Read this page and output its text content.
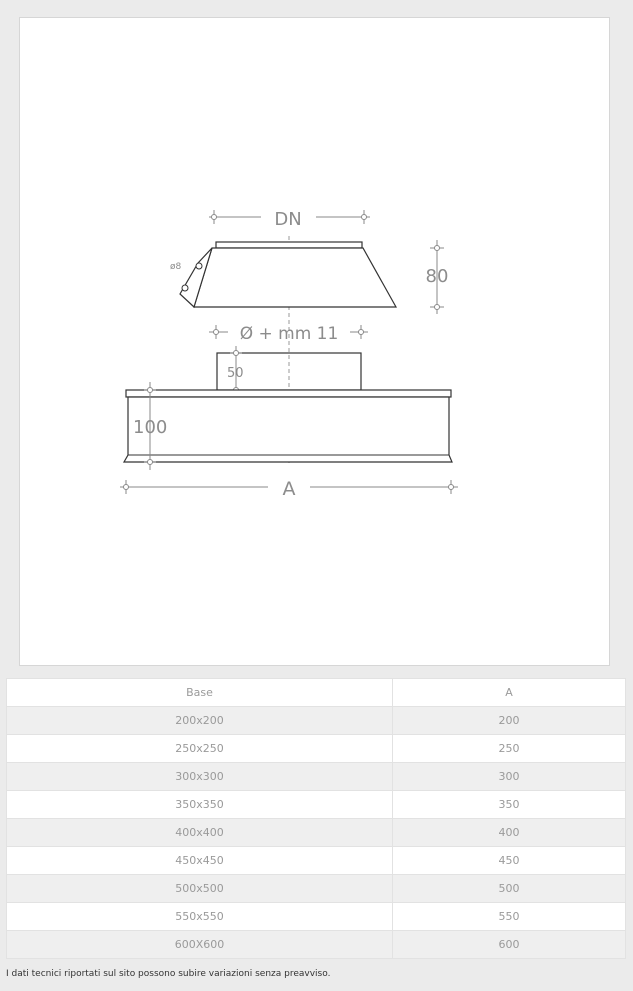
ø8
DN
80
Ø + mm 11
50
100
A
Base	A
200x200	200
250x250	250
300x300	300
350x350	350
400x400	400
450x450	450
500x500	500
550x550	550
600X600	600
I dati tecnici riportati sul sito possono subire variazioni senza preavviso.
